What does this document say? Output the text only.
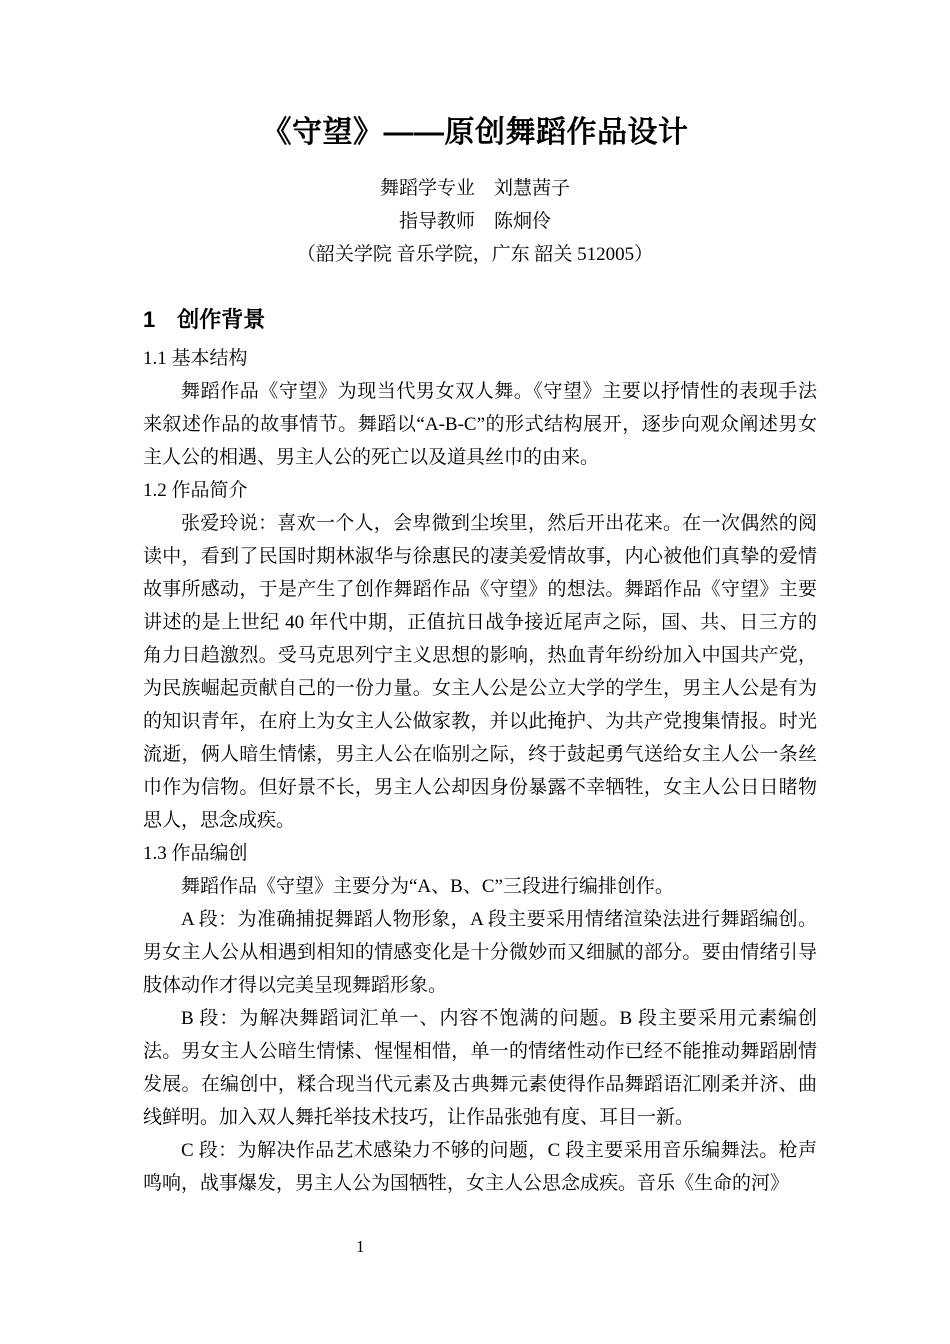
《守望》——原创舞蹈作品设计
舞蹈学专业　刘慧茜子
指导教师　陈炯伶
（韶关学院 音乐学院，广东 韶关 512005）
1　创作背景
1.1 基本结构

舞蹈作品《守望》为现当代男女双人舞。《守望》主要以抒情性的表现手法来叙述作品的故事情节。舞蹈以“A-B-C”的形式结构展开，逐步向观众阐述男女主人公的相遇、男主人公的死亡以及道具丝巾的由来。

1.2 作品简介

张爱玲说：喜欢一个人，会卑微到尘埃里，然后开出花来。在一次偶然的阅读中，看到了民国时期林淑华与徐惠民的凄美爱情故事，内心被他们真挚的爱情故事所感动，于是产生了创作舞蹈作品《守望》的想法。舞蹈作品《守望》主要讲述的是上世纪 40 年代中期，正值抗日战争接近尾声之际，国、共、日三方的角力日趋激烈。受马克思列宁主义思想的影响，热血青年纷纷加入中国共产党，为民族崛起贡献自己的一份力量。女主人公是公立大学的学生，男主人公是有为的知识青年，在府上为女主人公做家教，并以此掩护、为共产党搜集情报。时光流逝，俩人暗生情愫，男主人公在临别之际，终于鼓起勇气送给女主人公一条丝巾作为信物。但好景不长，男主人公却因身份暴露不幸牺牲，女主人公日日睹物思人，思念成疾。

1.3 作品编创

舞蹈作品《守望》主要分为“A、B、C”三段进行编排创作。

A 段：为准确捕捉舞蹈人物形象，A 段主要采用情绪渲染法进行舞蹈编创。男女主人公从相遇到相知的情感变化是十分微妙而又细腻的部分。要由情绪引导肢体动作才得以完美呈现舞蹈形象。

B 段：为解决舞蹈词汇单一、内容不饱满的问题。B 段主要采用元素编创法。男女主人公暗生情愫、惺惺相惜，单一的情绪性动作已经不能推动舞蹈剧情发展。在编创中，糅合现当代元素及古典舞元素使得作品舞蹈语汇刚柔并济、曲线鲜明。加入双人舞托举技术技巧，让作品张弛有度、耳目一新。

C 段：为解决作品艺术感染力不够的问题，C 段主要采用音乐编舞法。枪声鸣响，战事爆发，男主人公为国牺牲，女主人公思念成疾。音乐《生命的河》

1
